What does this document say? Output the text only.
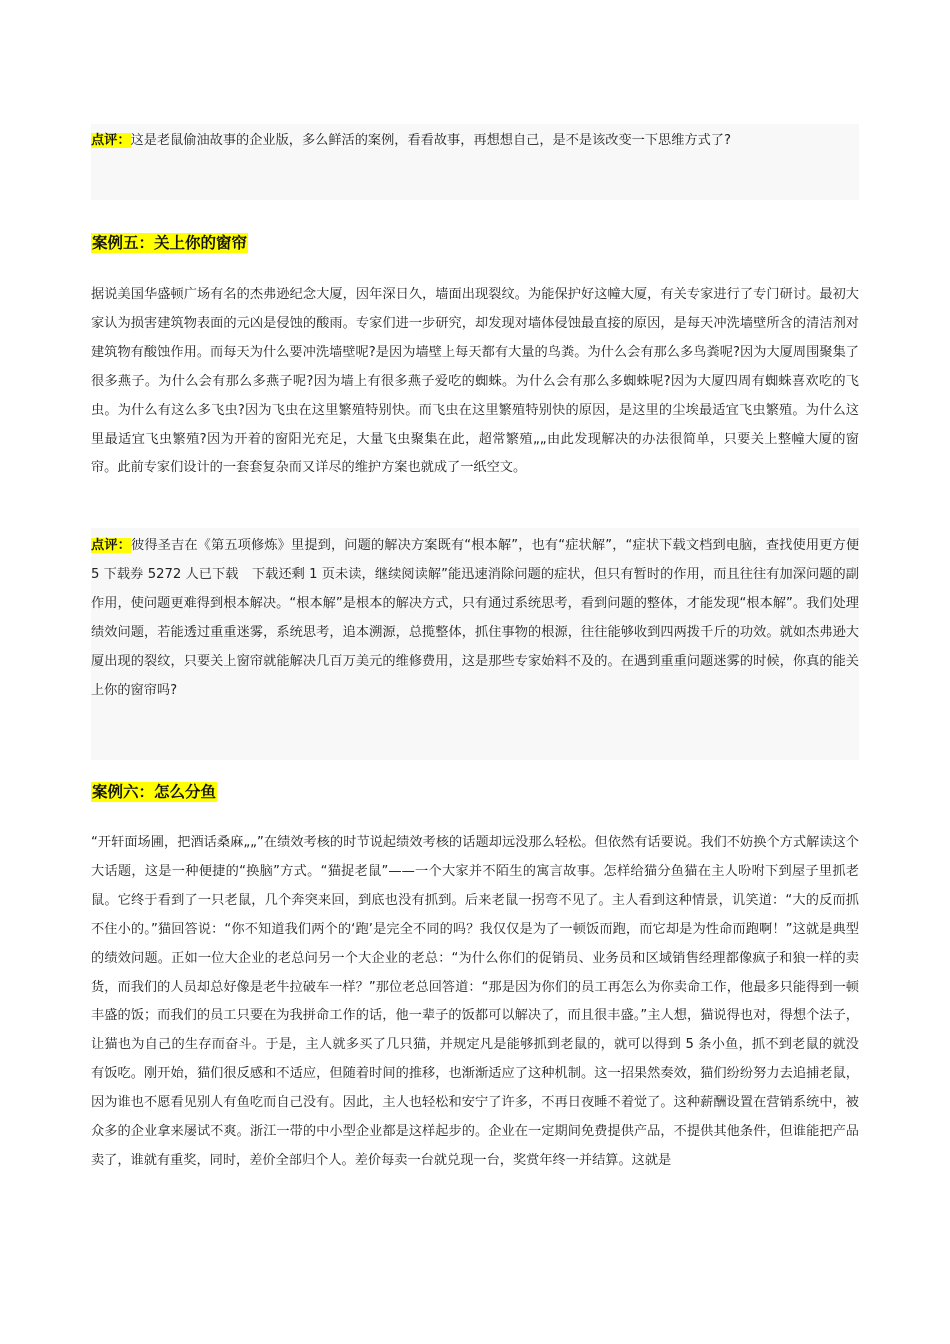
点评：这是老鼠偷油故事的企业版，多么鲜活的案例，看看故事，再想想自己，是不是该改变一下思维方式了?

案例五：关上你的窗帘

据说美国华盛顿广场有名的杰弗逊纪念大厦，因年深日久，墙面出现裂纹。为能保护好这幢大厦，有关专家进行了专门研讨。最初大家认为损害建筑物表面的元凶是侵蚀的酸雨。专家们进一步研究，却发现对墙体侵蚀最直接的原因，是每天冲洗墙壁所含的清洁剂对建筑物有酸蚀作用。而每天为什么要冲洗墙壁呢?是因为墙壁上每天都有大量的鸟粪。为什么会有那么多鸟粪呢?因为大厦周围聚集了很多燕子。为什么会有那么多燕子呢?因为墙上有很多燕子爱吃的蜘蛛。为什么会有那么多蜘蛛呢?因为大厦四周有蜘蛛喜欢吃的飞虫。为什么有这么多飞虫?因为飞虫在这里繁殖特别快。而飞虫在这里繁殖特别快的原因，是这里的尘埃最适宜飞虫繁殖。为什么这里最适宜飞虫繁殖?因为开着的窗阳光充足，大量飞虫聚集在此，超常繁殖„„由此发现解决的办法很简单，只要关上整幢大厦的窗帘。此前专家们设计的一套套复杂而又详尽的维护方案也就成了一纸空文。

点评：彼得圣吉在《第五项修炼》里提到，问题的解决方案既有“根本解”，也有“症状解”，“症状下载文档到电脑，查找使用更方便 5 下载券 5272 人已下载　下载还剩 1 页未读，继续阅读解”能迅速消除问题的症状，但只有暂时的作用，而且往往有加深问题的副作用，使问题更难得到根本解决。“根本解”是根本的解决方式，只有通过系统思考，看到问题的整体，才能发现“根本解”。我们处理绩效问题，若能透过重重迷雾，系统思考，追本溯源，总揽整体，抓住事物的根源，往往能够收到四两拨千斤的功效。就如杰弗逊大厦出现的裂纹，只要关上窗帘就能解决几百万美元的维修费用，这是那些专家始料不及的。在遇到重重问题迷雾的时候，你真的能关上你的窗帘吗?

案例六：怎么分鱼

“开轩面场圃，把酒话桑麻„„”在绩效考核的时节说起绩效考核的话题却远没那么轻松。但依然有话要说。我们不妨换个方式解读这个大话题，这是一种便捷的“换脑”方式。“猫捉老鼠”——一个大家并不陌生的寓言故事。怎样给猫分鱼猫在主人吩咐下到屋子里抓老鼠。它终于看到了一只老鼠，几个奔突来回，到底也没有抓到。后来老鼠一拐弯不见了。主人看到这种情景，讥笑道：“大的反而抓不住小的。”猫回答说：“你不知道我们两个的‘跑’是完全不同的吗？我仅仅是为了一顿饭而跑，而它却是为性命而跑啊！”这就是典型的绩效问题。正如一位大企业的老总问另一个大企业的老总：“为什么你们的促销员、业务员和区域销售经理都像疯子和狼一样的卖货，而我们的人员却总好像是老牛拉破车一样？”那位老总回答道：“那是因为你们的员工再怎么为你卖命工作，他最多只能得到一顿丰盛的饭；而我们的员工只要在为我拼命工作的话，他一辈子的饭都可以解决了，而且很丰盛。”主人想，猫说得也对，得想个法子，让猫也为自己的生存而奋斗。于是，主人就多买了几只猫，并规定凡是能够抓到老鼠的，就可以得到 5 条小鱼，抓不到老鼠的就没有饭吃。刚开始，猫们很反感和不适应，但随着时间的推移，也渐渐适应了这种机制。这一招果然奏效，猫们纷纷努力去追捕老鼠，因为谁也不愿看见别人有鱼吃而自己没有。因此，主人也轻松和安宁了许多，不再日夜睡不着觉了。这种薪酬设置在营销系统中，被众多的企业拿来屡试不爽。浙江一带的中小型企业都是这样起步的。企业在一定期间免费提供产品，不提供其他条件，但谁能把产品卖了，谁就有重奖，同时，差价全部归个人。差价每卖一台就兑现一台，奖赏年终一并结算。这就是
